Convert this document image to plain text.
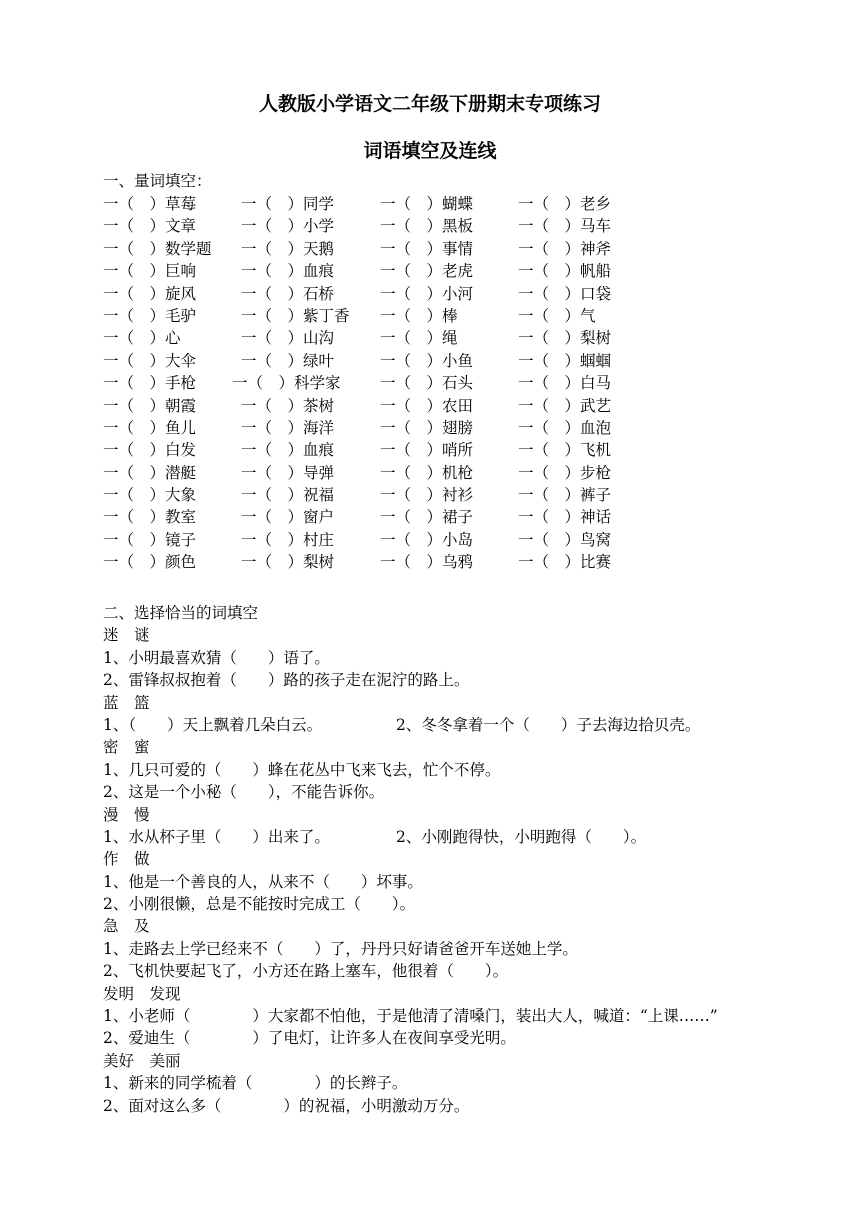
人教版小学语文二年级下册期末专项练习
词语填空及连线
一、量词填空：
一（　）草莓	一（　）同学	一（　）蝴蝶	一（　）老乡
一（　）文章	一（　）小学	一（　）黑板	一（　）马车
一（　）数学题 一（　）天鹅	一（　）事情	一（　）神斧
一（　）巨响	一（　）血痕	一（　）老虎	一（　）帆船
一（　）旋风	一（　）石桥	一（　）小河	一（　）口袋
一（　）毛驴	一（　）紫丁香 一（　）棒	一（　）气
一（　）心	一（　）山沟	一（　）绳	一（　）梨树
一（　）大伞	一（　）绿叶	一（　）小鱼	一（　）蝈蝈
一（　）手枪 一（　）科学家	一（　）石头	一（　）白马
一（　）朝霞	一（　）茶树	一（　）农田	一（　）武艺
一（　）鱼儿	一（　）海洋	一（　）翅膀	一（　）血泡
一（　）白发	一（　）血痕	一（　）哨所	一（　）飞机
一（　）潜艇	一（　）导弹	一（　）机枪	一（　）步枪
一（　）大象	一（　）祝福	一（　）衬衫	一（　）裤子
一（　）教室	一（　）窗户	一（　）裙子	一（　）神话
一（　）镜子	一（　）村庄	一（　）小岛	一（　）鸟窝
一（　）颜色	一（　）梨树	一（　）乌鸦	一（　）比赛
二、选择恰当的词填空
迷　谜
1、小明最喜欢猜（　　）语了。
2、雷锋叔叔抱着（　　）路的孩子走在泥泞的路上。
蓝　篮
1、（　　）天上飘着几朵白云。	2、冬冬拿着一个（　　）子去海边拾贝壳。
密　蜜
1、几只可爱的（　　）蜂在花丛中飞来飞去，忙个不停。
2、这是一个小秘（　　），不能告诉你。
漫　慢
1、水从杯子里（　　）出来了。	2、小刚跑得快，小明跑得（　　）。
作　做
1、他是一个善良的人，从来不（　　）坏事。
2、小刚很懒，总是不能按时完成工（　　）。
急　及
1、走路去上学已经来不（　　）了，丹丹只好请爸爸开车送她上学。
2、飞机快要起飞了，小方还在路上塞车，他很着（　　）。
发明　发现
1、小老师（　　　　）大家都不怕他，于是他清了清嗓门，装出大人，喊道：“上课……”
2、爱迪生（　　　　）了电灯，让许多人在夜间享受光明。
美好　美丽
1、新来的同学梳着（　　　　）的长辫子。
2、面对这么多（　　　　）的祝福，小明激动万分。
